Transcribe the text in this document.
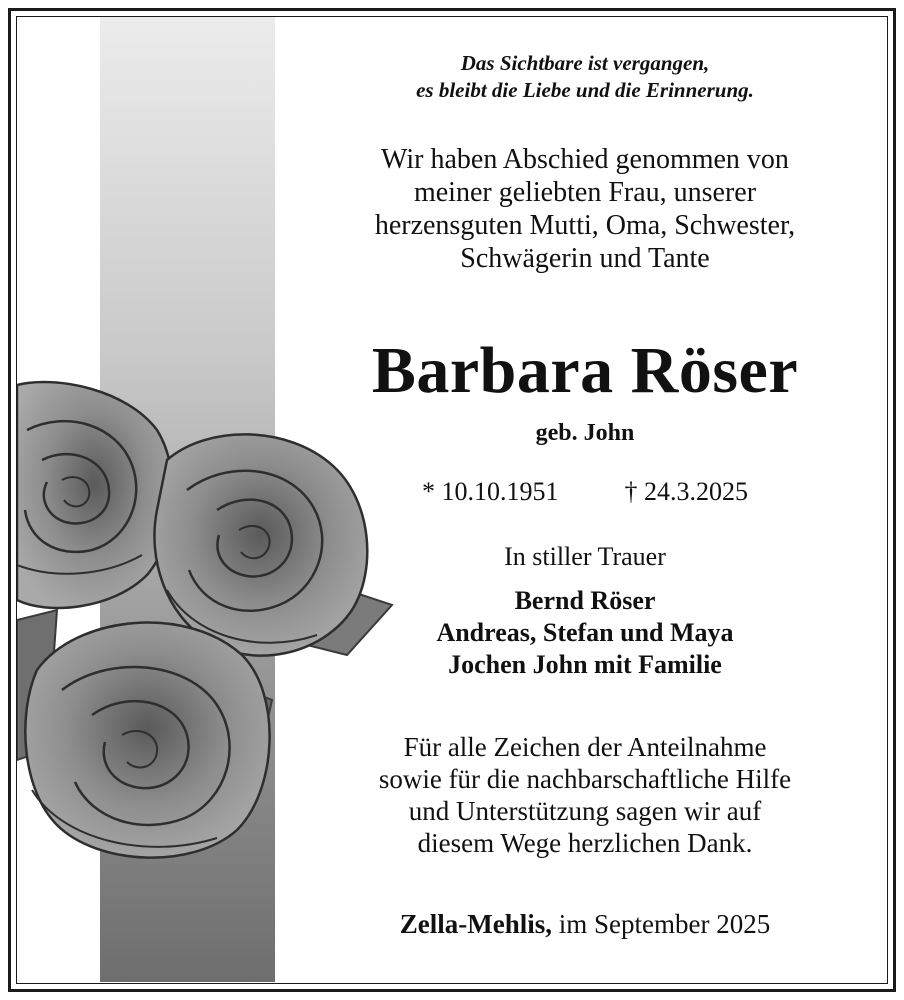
Das Sichtbare ist vergangen,
es bleibt die Liebe und die Erinnerung.
Wir haben Abschied genommen von
meiner geliebten Frau, unserer
herzensguten Mutti, Oma, Schwester,
Schwägerin und Tante
Barbara Röser
geb. John
* 10.10.1951	† 24.3.2025
In stiller Trauer
Bernd Röser
Andreas, Stefan und Maya
Jochen John mit Familie
Für alle Zeichen der Anteilnahme
sowie für die nachbarschaftliche Hilfe
und Unterstützung sagen wir auf
diesem Wege herzlichen Dank.
Zella-Mehlis, im September 2025
